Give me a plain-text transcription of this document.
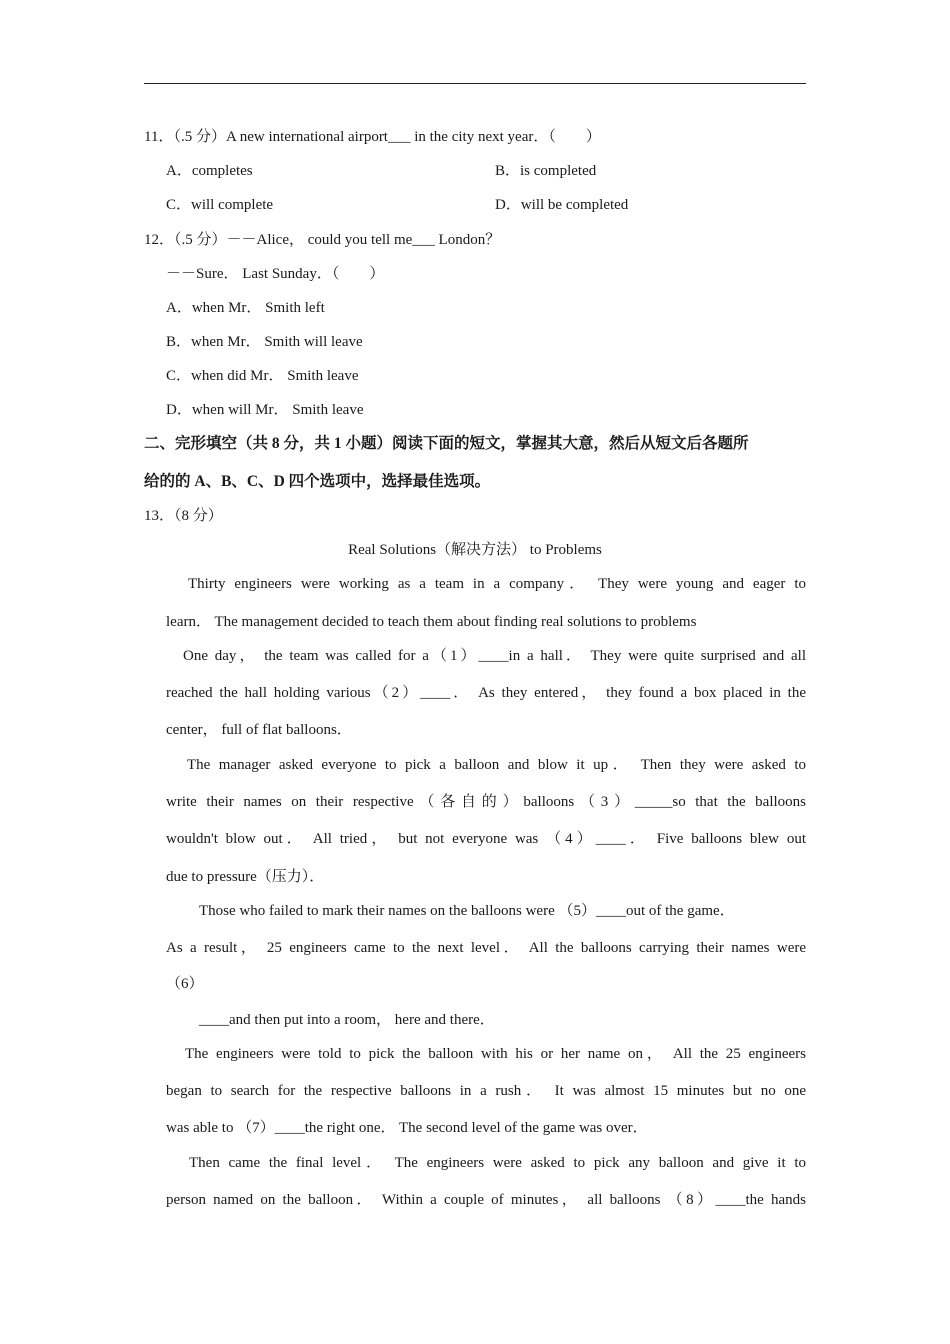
11．（.5 分）A new international airport___ in the city next year．（　　）
A．completes	B．is completed
C．will complete	D．will be completed
12．（.5 分）－－Alice， could you tell me___ London？
－－Sure． Last Sunday．（　　）
A．when Mr． Smith left
B．when Mr． Smith will leave
C．when did Mr． Smith leave
D．when will Mr． Smith leave
二、完形填空（共 8 分，共 1 小题）阅读下面的短文，掌握其大意，然后从短文后各题所
给的的 A、B、C、D 四个选项中，选择最佳选项。
13．（8 分）
Real Solutions（解决方法） to Problems
Thirty engineers were working as a team in a company． They were young and eager to
learn． The management decided to teach them about finding real solutions to problems
One day， the team was called for a（1）____in a hall． They were quite surprised and all
reached the hall holding various（2）____． As they entered， they found a box placed in the
center， full of flat balloons．
The manager asked everyone to pick a balloon and blow it up． Then they were asked to
write their names on their respective（各自的）balloons（3）_____so that the balloons
wouldn't blow out． All tried， but not everyone was （4）____． Five balloons blew out
due to pressure（压力）．
Those who failed to mark their names on the balloons were （5）____out of the game．
As a result， 25 engineers came to the next level． All the balloons carrying their names were
（6）
____and then put into a room， here and there．
The engineers were told to pick the balloon with his or her name on， All the 25 engineers
began to search for the respective balloons in a rush． It was almost 15 minutes but no one
was able to （7）____the right one． The second level of the game was over．
Then came the final level． The engineers were asked to pick any balloon and give it to
person named on the balloon． Within a couple of minutes， all balloons （8）____the hands
